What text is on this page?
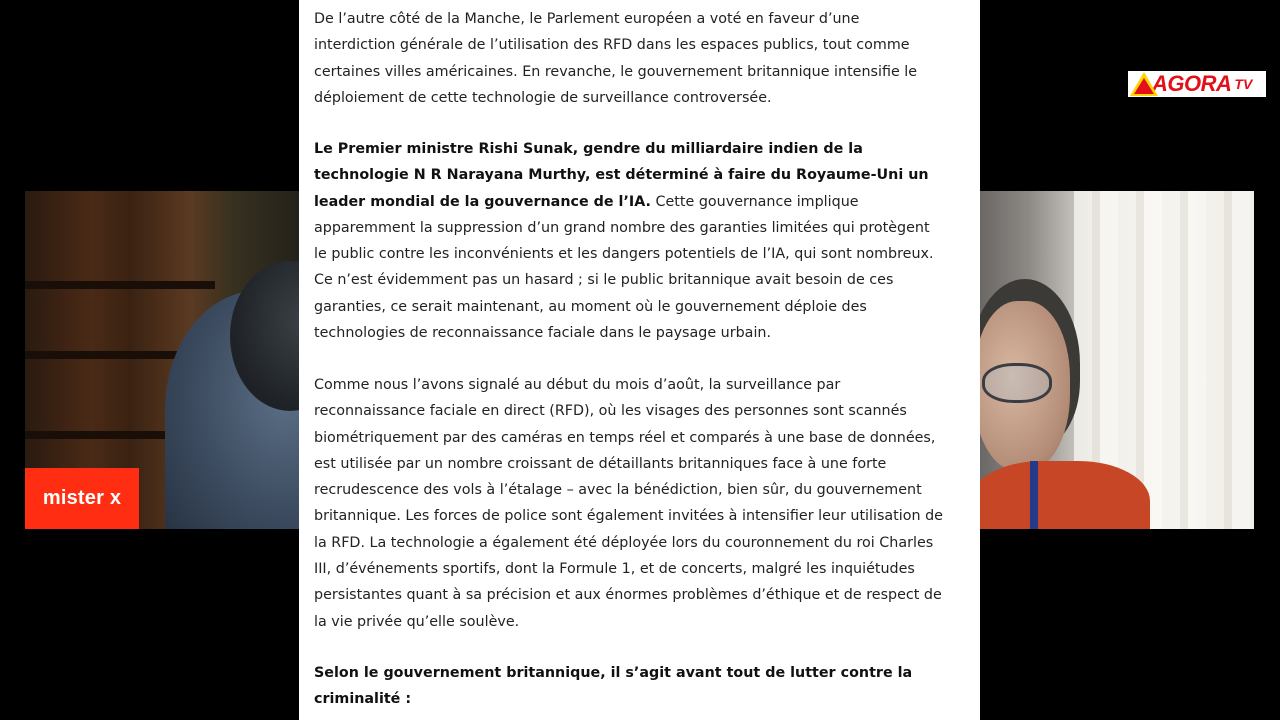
mister x

De l’autre côté de la Manche, le Parlement européen a voté en faveur d’une interdiction générale de l’utilisation des RFD dans les espaces publics, tout comme certaines villes américaines. En revanche, le gouvernement britannique intensifie le déploiement de cette technologie de surveillance controversée.

Le Premier ministre Rishi Sunak, gendre du milliardaire indien de la technologie N R Narayana Murthy, est déterminé à faire du Royaume-Uni un leader mondial de la gouvernance de l’IA. Cette gouvernance implique apparemment la suppression d’un grand nombre des garanties limitées qui protègent le public contre les inconvénients et les dangers potentiels de l’IA, qui sont nombreux. Ce n’est évidemment pas un hasard ; si le public britannique avait besoin de ces garanties, ce serait maintenant, au moment où le gouvernement déploie des technologies de reconnaissance faciale dans le paysage urbain.

Comme nous l’avons signalé au début du mois d’août, la surveillance par reconnaissance faciale en direct (RFD), où les visages des personnes sont scannés biométriquement par des caméras en temps réel et comparés à une base de données, est utilisée par un nombre croissant de détaillants britanniques face à une forte recrudescence des vols à l’étalage – avec la bénédiction, bien sûr, du gouvernement britannique. Les forces de police sont également invitées à intensifier leur utilisation de la RFD. La technologie a également été déployée lors du couronnement du roi Charles III, d’événements sportifs, dont la Formule 1, et de concerts, malgré les inquiétudes persistantes quant à sa précision et aux énormes problèmes d’éthique et de respect de la vie privée qu’elle soulève.

Selon le gouvernement britannique, il s’agit avant tout de lutter contre la criminalité :

AGORA TV
